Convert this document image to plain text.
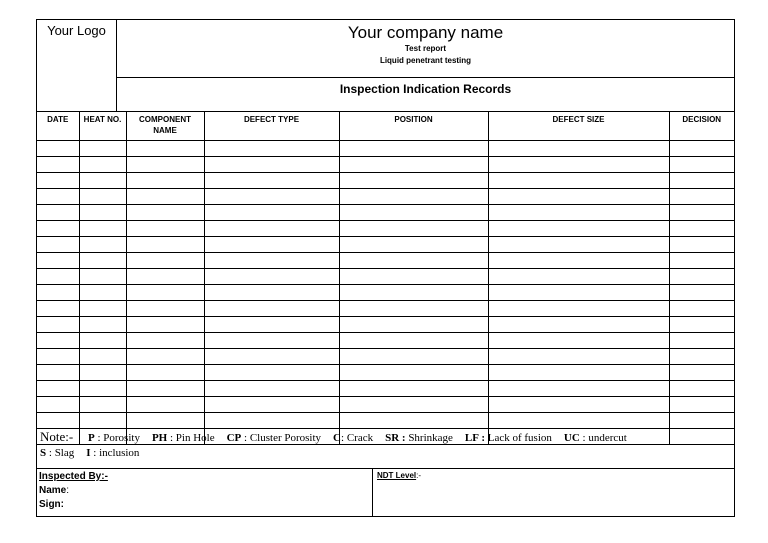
Your Logo	Your company name
Test report
Liquid penetrant testing
Inspection Indication Records
DATE	HEAT NO.	COMPONENT NAME	DEFECT TYPE	POSITION	DEFECT SIZE	DECISION

Note:- P : Porosity PH : Pin Hole CP : Cluster Porosity C: Crack SR : Shrinkage LF : Lack of fusion UC : undercut
S : Slag I : inclusion
Inspected By:-
Name:
Sign:
NDT Level:-
